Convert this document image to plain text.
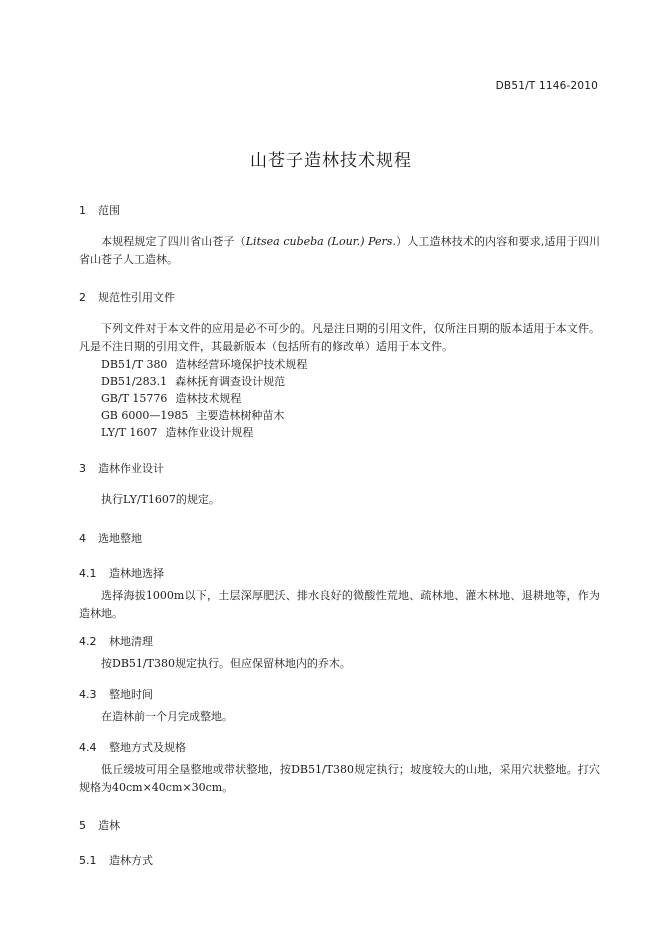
DB51/T 1146-2010
山苍子造林技术规程
1 范围
本规程规定了四川省山苍子（Litsea cubeba (Lour.) Pers.）人工造林技术的内容和要求,适用于四川省山苍子人工造林。
2 规范性引用文件
下列文件对于本文件的应用是必不可少的。凡是注日期的引用文件，仅所注日期的版本适用于本文件。凡是不注日期的引用文件，其最新版本（包括所有的修改单）适用于本文件。
DB51/T 380 造林经营环境保护技术规程
DB51/283.1 森林抚育调查设计规范
GB/T 15776 造林技术规程
GB 6000—1985 主要造林树种苗木
LY/T 1607 造林作业设计规程
3 造林作业设计
执行LY/T1607的规定。
4 选地整地
4.1 造林地选择
选择海拔1000m以下，土层深厚肥沃、排水良好的微酸性荒地、疏林地、灌木林地、退耕地等，作为造林地。
4.2 林地清理
按DB51/T380规定执行。但应保留林地内的乔木。
4.3 整地时间
在造林前一个月完成整地。
4.4 整地方式及规格
低丘缓坡可用全垦整地或带状整地，按DB51/T380规定执行；坡度较大的山地，采用穴状整地。打穴规格为40cm×40cm×30cm。
5 造林
5.1 造林方式
